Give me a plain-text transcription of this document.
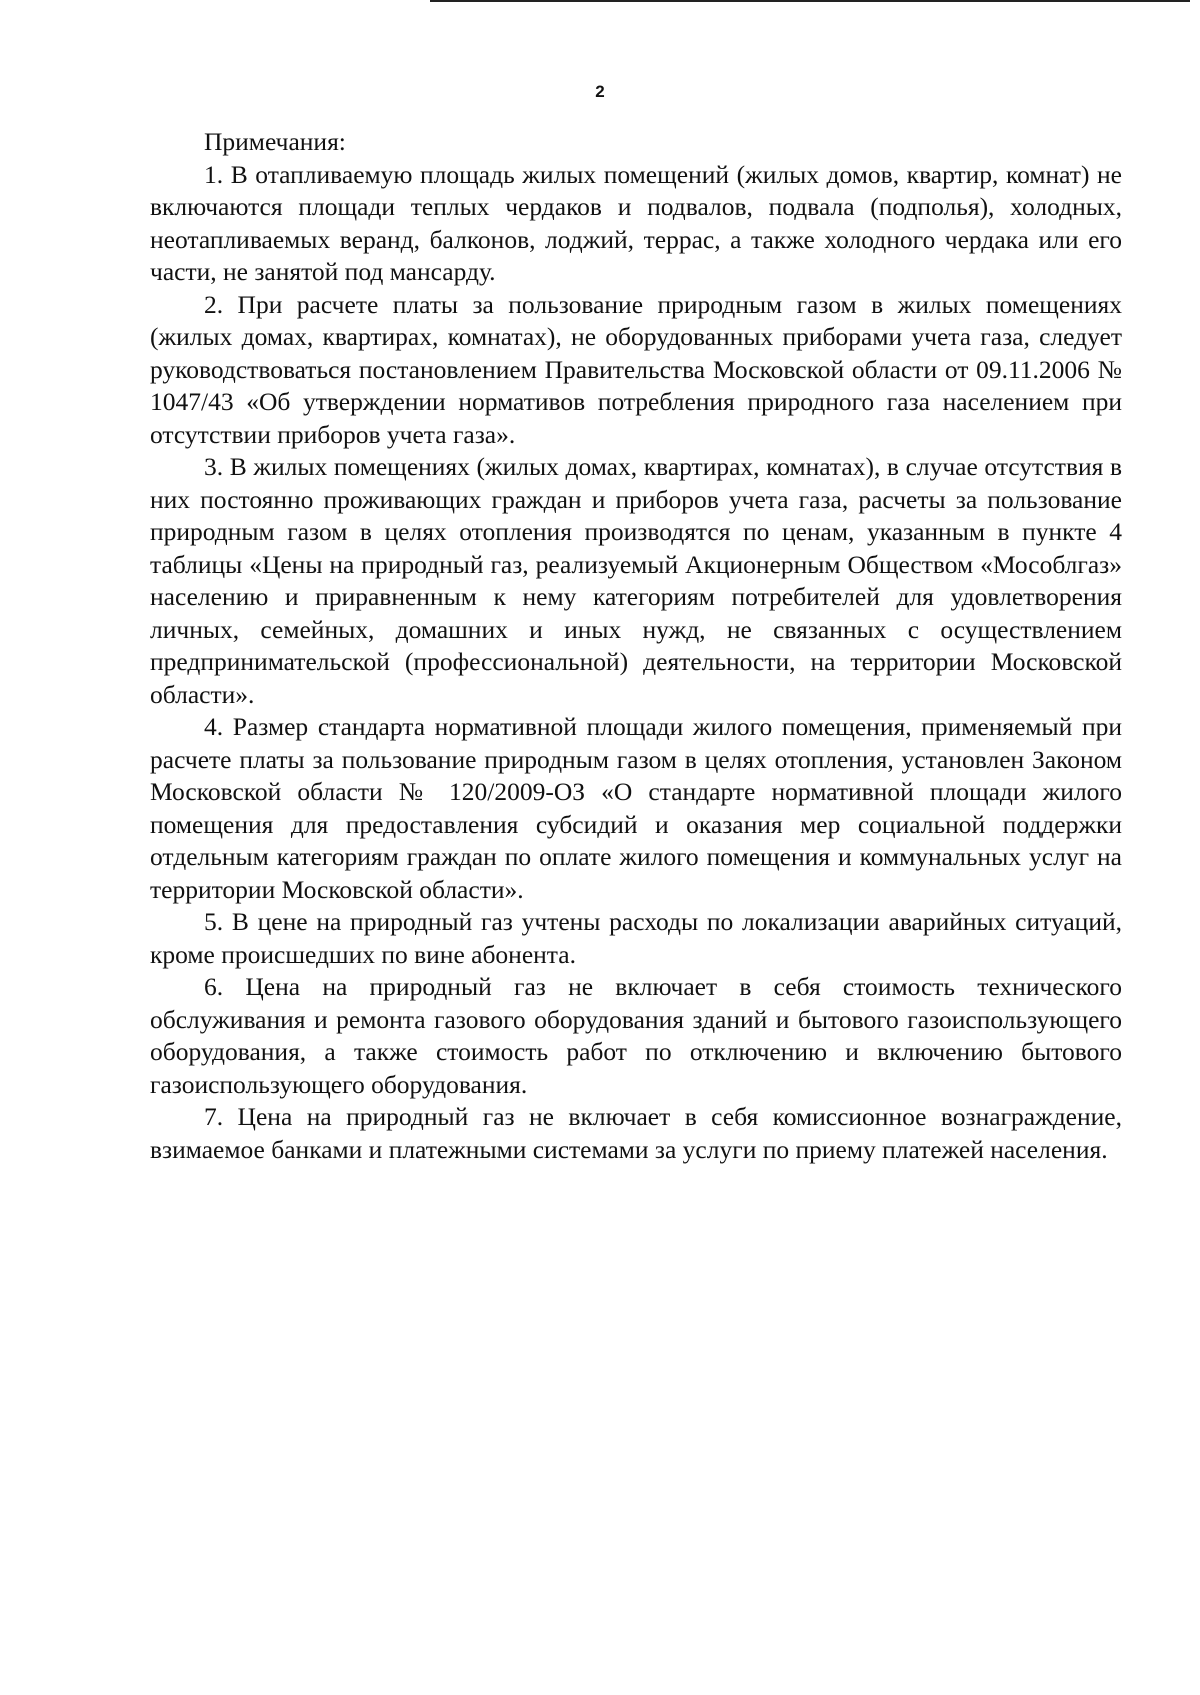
2

Примечания:

1. В отапливаемую площадь жилых помещений (жилых домов, квартир, комнат) не включаются площади теплых чердаков и подвалов, подвала (подполья), холодных, неотапливаемых веранд, балконов, лоджий, террас, а также холодного чердака или его части, не занятой под мансарду.

2. При расчете платы за пользование природным газом в жилых помещениях (жилых домах, квартирах, комнатах), не оборудованных приборами учета газа, следует руководствоваться постановлением Правительства Московской области от 09.11.2006 № 1047/43 «Об утверждении нормативов потребления природного газа населением при отсутствии приборов учета газа».

3. В жилых помещениях (жилых домах, квартирах, комнатах), в случае отсутствия в них постоянно проживающих граждан и приборов учета газа, расчеты за пользование природным газом в целях отопления производятся по ценам, указанным в пункте 4 таблицы «Цены на природный газ, реализуемый Акционерным Обществом «Мособлгаз» населению и приравненным к нему категориям потребителей для удовлетворения личных, семейных, домашних и иных нужд, не связанных с осуществлением предпринимательской (профессиональной) деятельности, на территории Московской области».

4. Размер стандарта нормативной площади жилого помещения, применяемый при расчете платы за пользование природным газом в целях отопления, установлен Законом Московской области № 120/2009-ОЗ «О стандарте нормативной площади жилого помещения для предоставления субсидий и оказания мер социальной поддержки отдельным категориям граждан по оплате жилого помещения и коммунальных услуг на территории Московской области».

5. В цене на природный газ учтены расходы по локализации аварийных ситуаций, кроме происшедших по вине абонента.

6. Цена на природный газ не включает в себя стоимость технического обслуживания и ремонта газового оборудования зданий и бытового газоиспользующего оборудования, а также стоимость работ по отключению и включению бытового газоиспользующего оборудования.

7. Цена на природный газ не включает в себя комиссионное вознаграждение, взимаемое банками и платежными системами за услуги по приему платежей населения.
